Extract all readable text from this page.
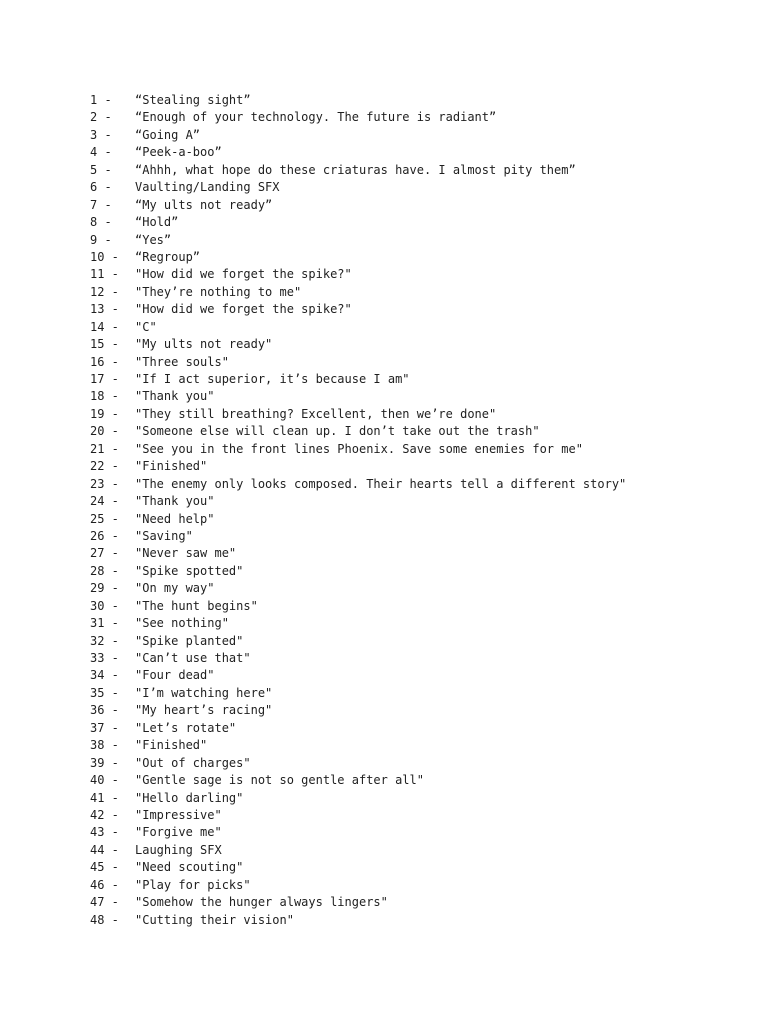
1 - “Stealing sight”
2 - “Enough of your technology. The future is radiant”
3 - “Going A”
4 - “Peek-a-boo”
5 - “Ahhh, what hope do these criaturas have. I almost pity them”
6 - Vaulting/Landing SFX
7 - “My ults not ready”
8 - “Hold”
9 - “Yes”
10 - “Regroup”
11 - "How did we forget the spike?"
12 - "They’re nothing to me"
13 - "How did we forget the spike?"
14 - "C"
15 - "My ults not ready"
16 - "Three souls"
17 - "If I act superior, it’s because I am"
18 - "Thank you"
19 - "They still breathing? Excellent, then we’re done"
20 - "Someone else will clean up. I don’t take out the trash"
21 - "See you in the front lines Phoenix. Save some enemies for me"
22 - "Finished"
23 - "The enemy only looks composed. Their hearts tell a different story"
24 - "Thank you"
25 - "Need help"
26 - "Saving"
27 - "Never saw me"
28 - "Spike spotted"
29 - "On my way"
30 - "The hunt begins"
31 - "See nothing"
32 - "Spike planted"
33 - "Can’t use that"
34 - "Four dead"
35 - "I’m watching here"
36 - "My heart’s racing"
37 - "Let’s rotate"
38 - "Finished"
39 - "Out of charges"
40 - "Gentle sage is not so gentle after all"
41 - "Hello darling"
42 - "Impressive"
43 - "Forgive me"
44 - Laughing SFX
45 - "Need scouting"
46 - "Play for picks"
47 - "Somehow the hunger always lingers"
48 - "Cutting their vision"
